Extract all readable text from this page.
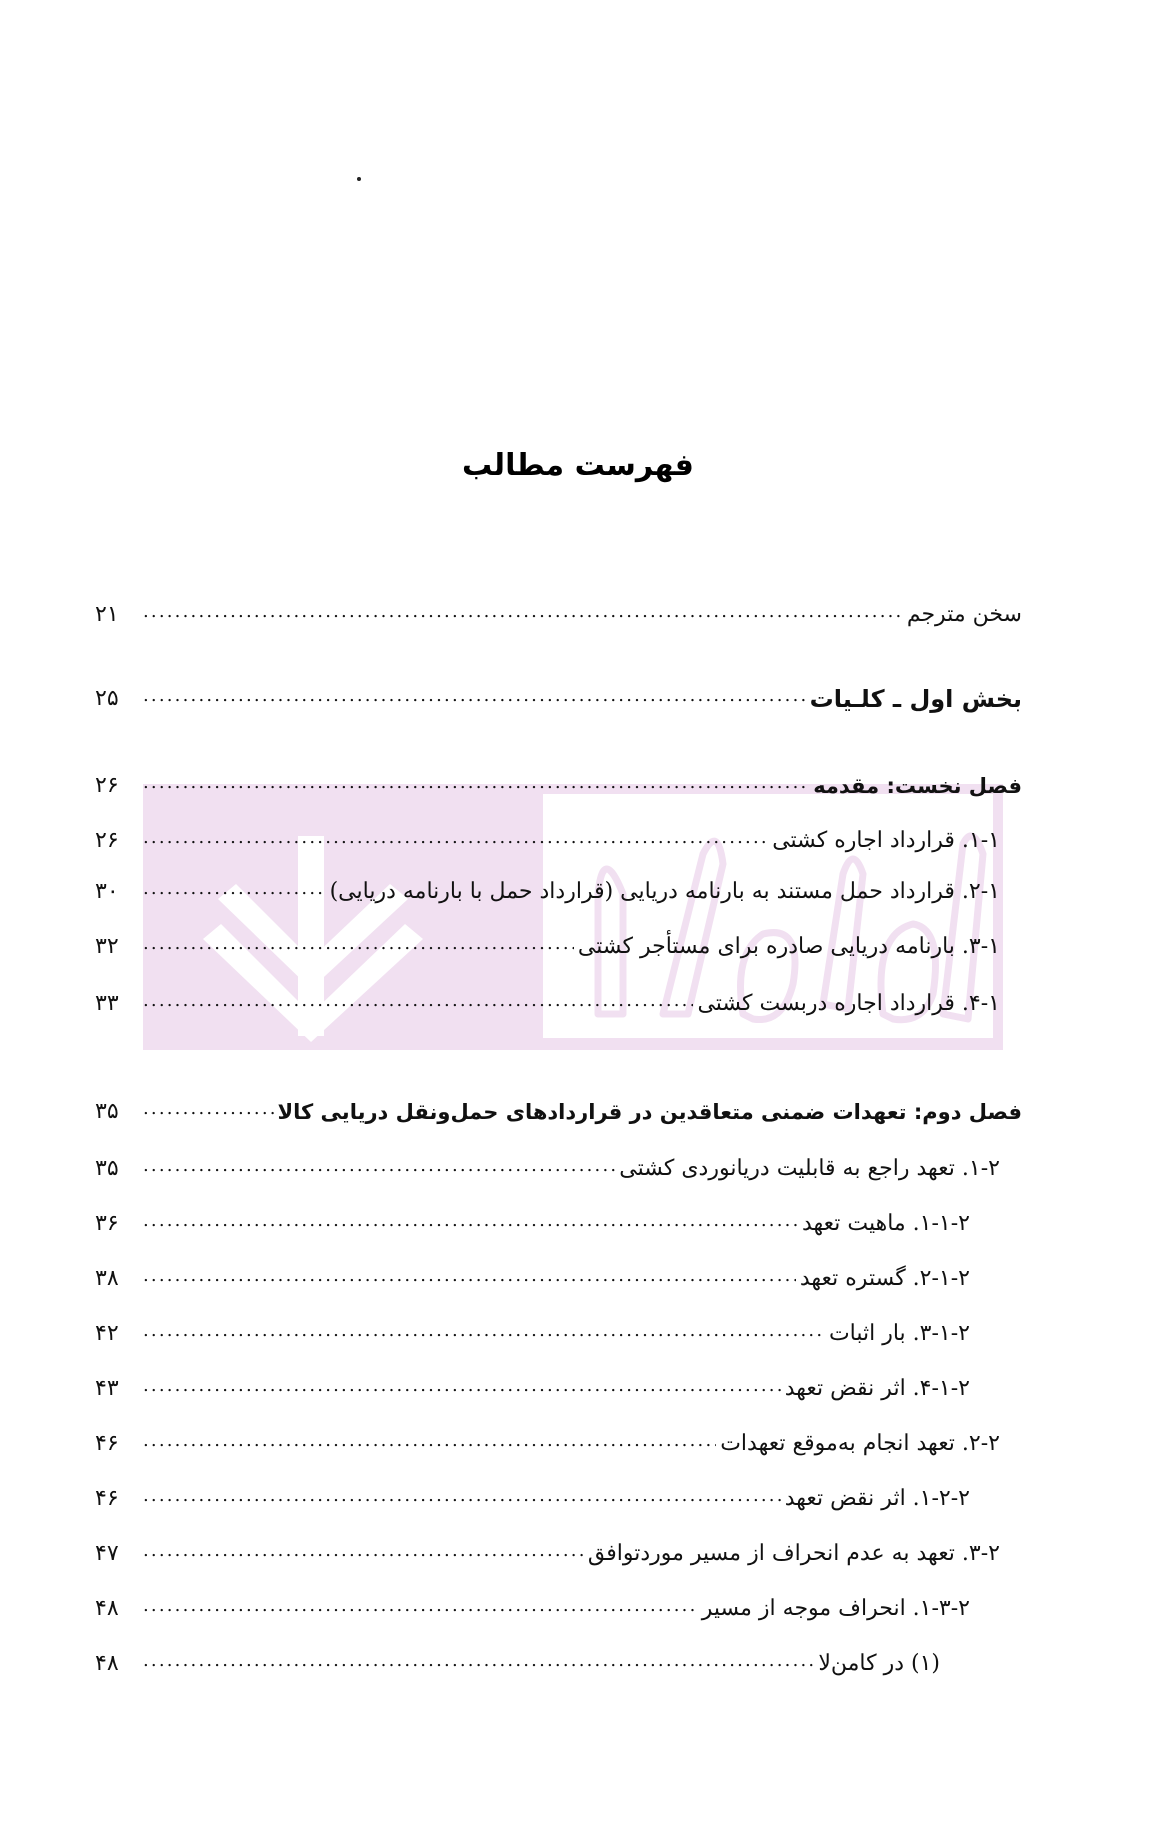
فهرست مطالب
سخن مترجم
.....
۲۱
بخش اول ـ کلـیات
.....
۲۵
فصل نخست: مقدمه
.....
۲۶
۱-۱. قرارداد اجاره کشتی
.....
۲۶
۲-۱. قرارداد حمل مستند به بارنامه دریایی (قرارداد حمل با بارنامه دریایی)
.....
۳۰
۳-۱. بارنامه دریایی صادره برای مستأجر کشتی
.....
۳۲
۴-۱. قرارداد اجاره دربست کشتی
.....
۳۳
فصل دوم: تعهدات ضمنی متعاقدین در قراردادهای حمل‌ونقل دریایی کالا
.....
۳۵
۱-۲. تعهد راجع به قابلیت دریانوردی کشتی
.....
۳۵
۱-۱-۲. ماهیت تعهد
.....
۳۶
۲-۱-۲. گستره تعهد
.....
۳۸
۳-۱-۲. بار اثبات
.....
۴۲
۴-۱-۲. اثر نقض تعهد
.....
۴۳
۲-۲. تعهد انجام به‌موقع تعهدات
.....
۴۶
۱-۲-۲. اثر نقض تعهد
.....
۴۶
۳-۲. تعهد به عدم انحراف از مسیر موردتوافق
.....
۴۷
۱-۳-۲. انحراف موجه از مسیر
.....
۴۸
(۱) در کامن‌لا
.....
۴۸
